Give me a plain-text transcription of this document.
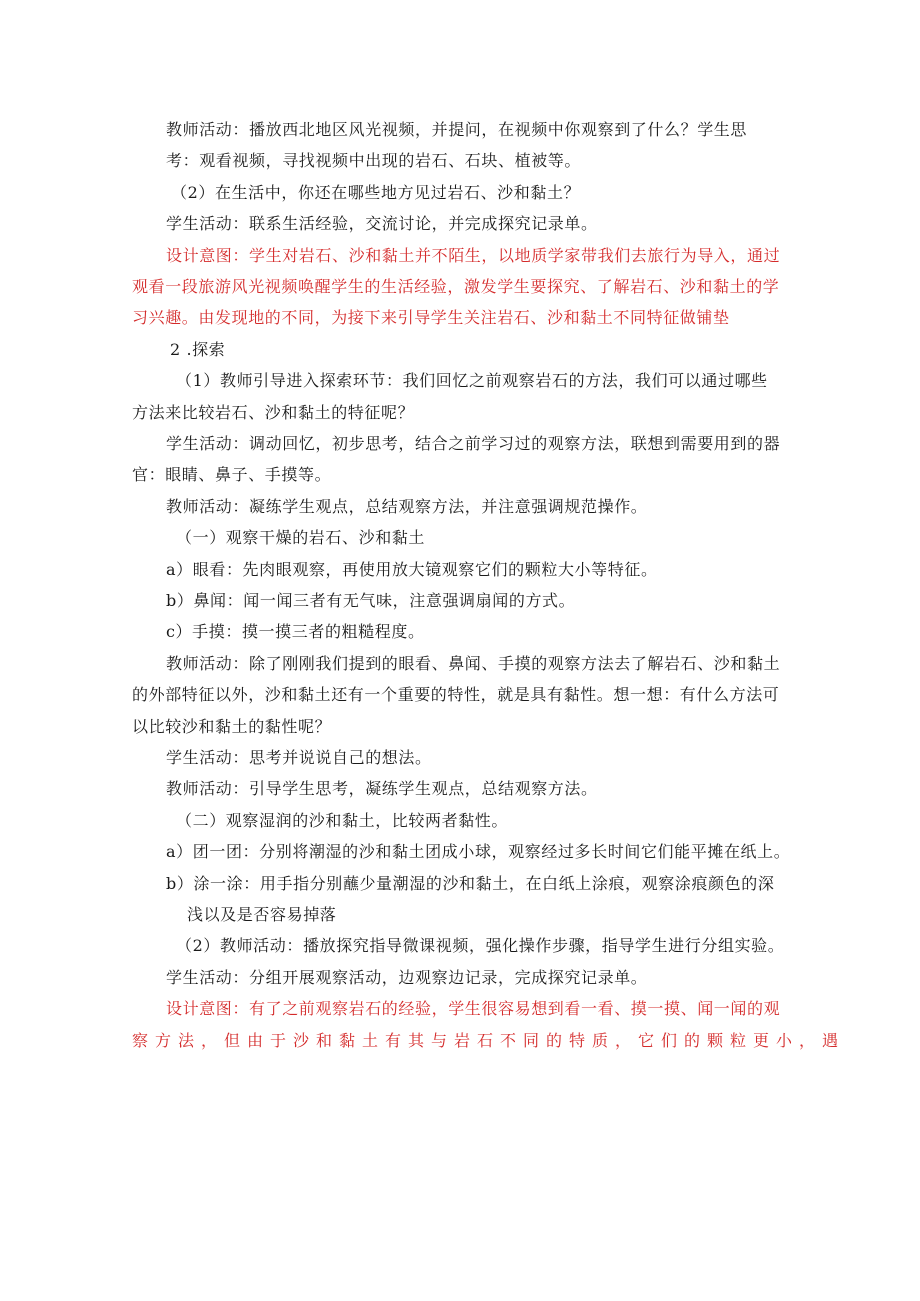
教师活动：播放西北地区风光视频，并提问，在视频中你观察到了什么？学生思

考：观看视频，寻找视频中出现的岩石、石块、植被等。

（2）在生活中，你还在哪些地方见过岩石、沙和黏土？

学生活动：联系生活经验，交流讨论，并完成探究记录单。

设计意图：学生对岩石、沙和黏土并不陌生，以地质学家带我们去旅行为导入，通过

观看一段旅游风光视频唤醒学生的生活经验，激发学生要探究、了解岩石、沙和黏土的学

习兴趣。由发现地的不同，为接下来引导学生关注岩石、沙和黏土不同特征做铺垫

2 .探索

（1）教师引导进入探索环节：我们回忆之前观察岩石的方法，我们可以通过哪些

方法来比较岩石、沙和黏土的特征呢？

学生活动：调动回忆，初步思考，结合之前学习过的观察方法，联想到需要用到的器

官：眼睛、鼻子、手摸等。

教师活动：凝练学生观点，总结观察方法，并注意强调规范操作。

（一）观察干燥的岩石、沙和黏土

a）眼看：先肉眼观察，再使用放大镜观察它们的颗粒大小等特征。

b）鼻闻：闻一闻三者有无气味，注意强调扇闻的方式。

c）手摸：摸一摸三者的粗糙程度。

教师活动：除了刚刚我们提到的眼看、鼻闻、手摸的观察方法去了解岩石、沙和黏土

的外部特征以外，沙和黏土还有一个重要的特性，就是具有黏性。想一想：有什么方法可

以比较沙和黏土的黏性呢？

学生活动：思考并说说自己的想法。

教师活动：引导学生思考，凝练学生观点，总结观察方法。

（二）观察湿润的沙和黏土，比较两者黏性。

a）团一团：分别将潮湿的沙和黏土团成小球，观察经过多长时间它们能平摊在纸上。

b）涂一涂：用手指分别蘸少量潮湿的沙和黏土，在白纸上涂痕，观察涂痕颜色的深

浅以及是否容易掉落

（2）教师活动：播放探究指导微课视频，强化操作步骤，指导学生进行分组实验。

学生活动：分组开展观察活动，边观察边记录，完成探究记录单。

设计意图：有了之前观察岩石的经验，学生很容易想到看一看、摸一摸、闻一闻的观

察方法，但由于沙和黏土有其与岩石不同的特质，它们的颗粒更小，遇
